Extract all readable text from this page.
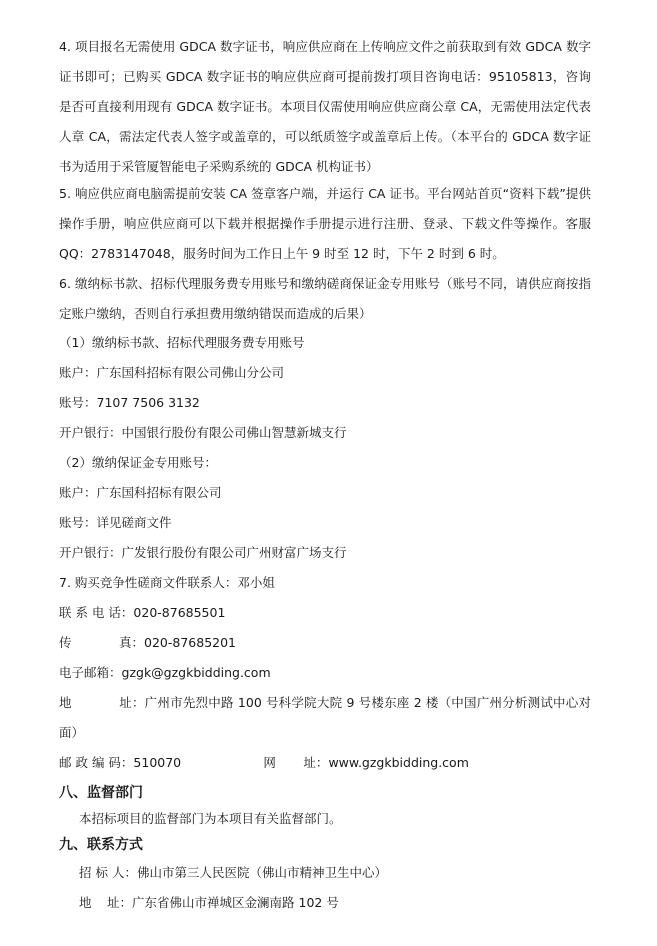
4. 项目报名无需使用 GDCA 数字证书，响应供应商在上传响应文件之前获取到有效 GDCA 数字证书即可；已购买 GDCA 数字证书的响应供应商可提前拨打项目咨询电话：95105813，咨询是否可直接利用现有 GDCA 数字证书。本项目仅需使用响应供应商公章 CA，无需使用法定代表人章 CA，需法定代表人签字或盖章的，可以纸质签字或盖章后上传。（本平台的 GDCA 数字证书为适用于采管厦智能电子采购系统的 GDCA 机构证书）
5. 响应供应商电脑需提前安装 CA 签章客户端，并运行 CA 证书。平台网站首页“资料下载”提供操作手册，响应供应商可以下载并根据操作手册提示进行注册、登录、下载文件等操作。客服 QQ：2783147048，服务时间为工作日上午 9 时至 12 时，下午 2 时到 6 时。
6. 缴纳标书款、招标代理服务费专用账号和缴纳磋商保证金专用账号（账号不同，请供应商按指定账户缴纳，否则自行承担费用缴纳错误而造成的后果）
（1）缴纳标书款、招标代理服务费专用账号
账户：广东国科招标有限公司佛山分公司
账号：7107 7506 3132
开户银行：中国银行股份有限公司佛山智慧新城支行
（2）缴纳保证金专用账号：
账户：广东国科招标有限公司
账号：详见磋商文件
开户银行：广发银行股份有限公司广州财富广场支行
7. 购买竞争性磋商文件联系人：邓小姐
联 系 电 话：020-87685501
传	真：020-87685201
电子邮箱：gzgk@gzgkbidding.com
地	址：广州市先烈中路 100 号科学院大院 9 号楼东座 2 楼（中国广州分析测试中心对面）
邮 政 编 码：510070	网 址：www.gzgkbidding.com
八、监督部门
本招标项目的监督部门为本项目有关监督部门。
九、联系方式
招 标 人：佛山市第三人民医院（佛山市精神卫生中心）
地 址：广东省佛山市禅城区金澜南路 102 号
